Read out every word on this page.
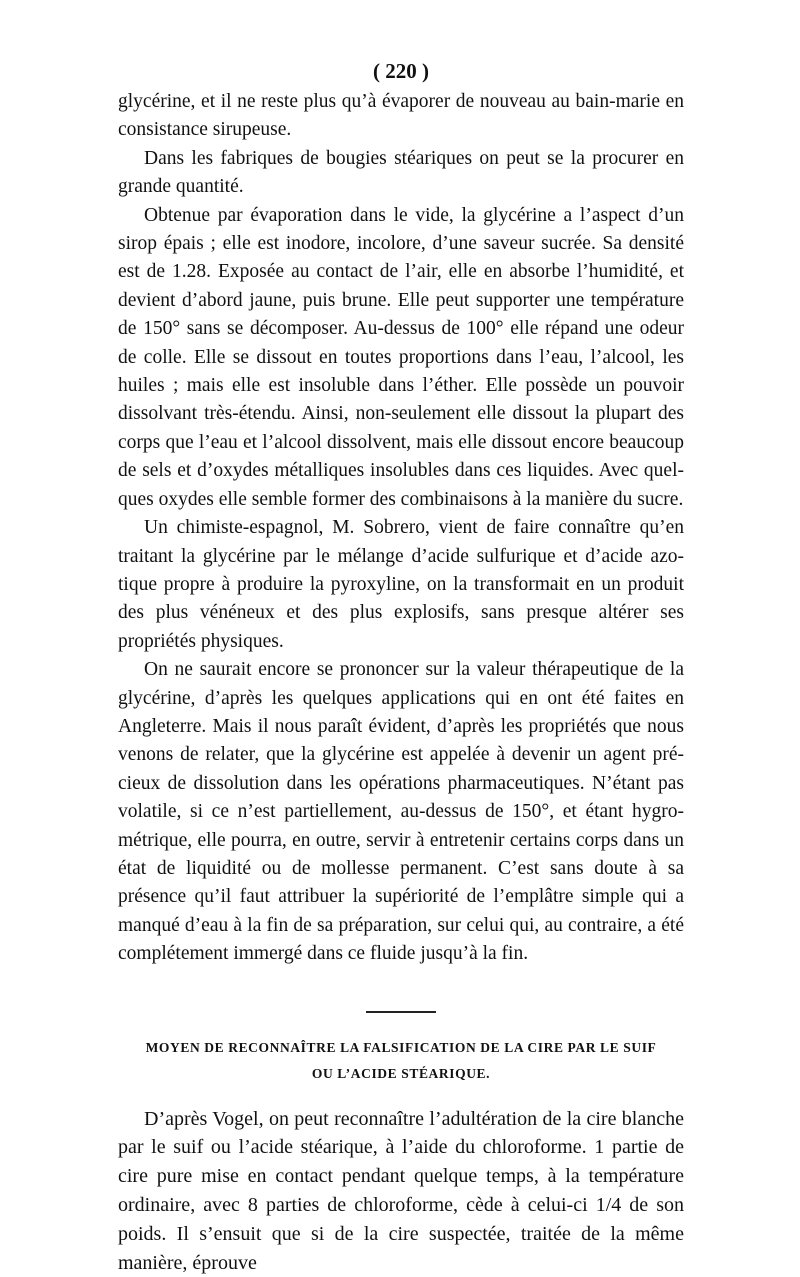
( 220 )

glycérine, et il ne reste plus qu’à évaporer de nouveau au bain-marie en consistance sirupeuse.

Dans les fabriques de bougies stéariques on peut se la procurer en grande quantité.

Obtenue par évaporation dans le vide, la glycérine a l’aspect d’un sirop épais ; elle est inodore, incolore, d’une saveur sucrée. Sa densité est de 1.28. Exposée au contact de l’air, elle en absorbe l’humidité, et devient d’abord jaune, puis brune. Elle peut supporter une température de 150° sans se décomposer. Au-dessus de 100° elle répand une odeur de colle. Elle se dissout en toutes proportions dans l’eau, l’alcool, les huiles ; mais elle est insoluble dans l’éther. Elle possède un pouvoir dissolvant très-étendu. Ainsi, non-seulement elle dissout la plupart des corps que l’eau et l’alcool dissolvent, mais elle dissout encore beaucoup de sels et d’oxydes métalliques insolubles dans ces liquides. Avec quelques oxydes elle semble former des combinaisons à la manière du sucre.

Un chimiste-espagnol, M. Sobrero, vient de faire connaître qu’en traitant la glycérine par le mélange d’acide sulfurique et d’acide azotique propre à produire la pyroxyline, on la transformait en un produit des plus vénéneux et des plus explosifs, sans presque altérer ses propriétés physiques.

On ne saurait encore se prononcer sur la valeur thérapeutique de la glycérine, d’après les quelques applications qui en ont été faites en Angleterre. Mais il nous paraît évident, d’après les propriétés que nous venons de relater, que la glycérine est appelée à devenir un agent précieux de dissolution dans les opérations pharmaceutiques. N’étant pas volatile, si ce n’est partiellement, au-dessus de 150°, et étant hygrométrique, elle pourra, en outre, servir à entretenir certains corps dans un état de liquidité ou de mollesse permanent. C’est sans doute à sa présence qu’il faut attribuer la supériorité de l’emplâtre simple qui a manqué d’eau à la fin de sa préparation, sur celui qui, au contraire, a été complétement immergé dans ce fluide jusqu’à la fin.

MOYEN DE RECONNAÎTRE LA FALSIFICATION DE LA CIRE PAR LE SUIF
OU L’ACIDE STÉARIQUE.

D’après Vogel, on peut reconnaître l’adultération de la cire blanche par le suif ou l’acide stéarique, à l’aide du chloroforme. 1 partie de cire pure mise en contact pendant quelque temps, à la température ordinaire, avec 8 parties de chloroforme, cède à celui-ci 1/4 de son poids. Il s’ensuit que si de la cire suspectée, traitée de la même manière, éprouve
